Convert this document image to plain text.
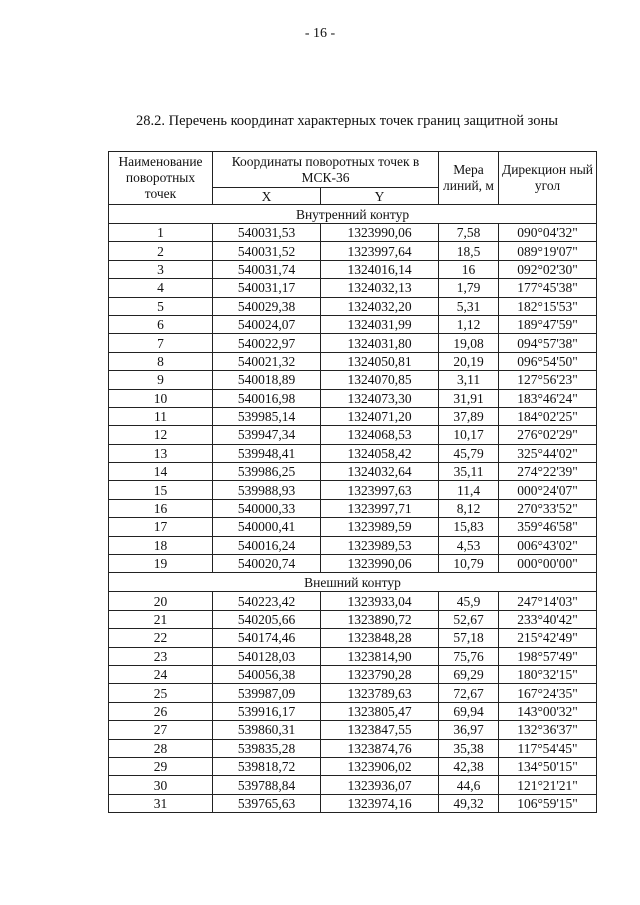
- 16 -
28.2. Перечень координат характерных точек границ защитной зоны
Наименование поворотных точек	Координаты поворотных точек в МСК-36		Мера линий, м	Дирекцион ный угол
	X	Y		
Внутренний контур				
1	540031,53	1323990,06	7,58	090°04'32"
2	540031,52	1323997,64	18,5	089°19'07"
3	540031,74	1324016,14	16	092°02'30"
4	540031,17	1324032,13	1,79	177°45'38"
5	540029,38	1324032,20	5,31	182°15'53"
6	540024,07	1324031,99	1,12	189°47'59"
7	540022,97	1324031,80	19,08	094°57'38"
8	540021,32	1324050,81	20,19	096°54'50"
9	540018,89	1324070,85	3,11	127°56'23"
10	540016,98	1324073,30	31,91	183°46'24"
11	539985,14	1324071,20	37,89	184°02'25"
12	539947,34	1324068,53	10,17	276°02'29"
13	539948,41	1324058,42	45,79	325°44'02"
14	539986,25	1324032,64	35,11	274°22'39"
15	539988,93	1323997,63	11,4	000°24'07"
16	540000,33	1323997,71	8,12	270°33'52"
17	540000,41	1323989,59	15,83	359°46'58"
18	540016,24	1323989,53	4,53	006°43'02"
19	540020,74	1323990,06	10,79	000°00'00"
Внешний контур				
20	540223,42	1323933,04	45,9	247°14'03"
21	540205,66	1323890,72	52,67	233°40'42"
22	540174,46	1323848,28	57,18	215°42'49"
23	540128,03	1323814,90	75,76	198°57'49"
24	540056,38	1323790,28	69,29	180°32'15"
25	539987,09	1323789,63	72,67	167°24'35"
26	539916,17	1323805,47	69,94	143°00'32"
27	539860,31	1323847,55	36,97	132°36'37"
28	539835,28	1323874,76	35,38	117°54'45"
29	539818,72	1323906,02	42,38	134°50'15"
30	539788,84	1323936,07	44,6	121°21'21"
31	539765,63	1323974,16	49,32	106°59'15"
